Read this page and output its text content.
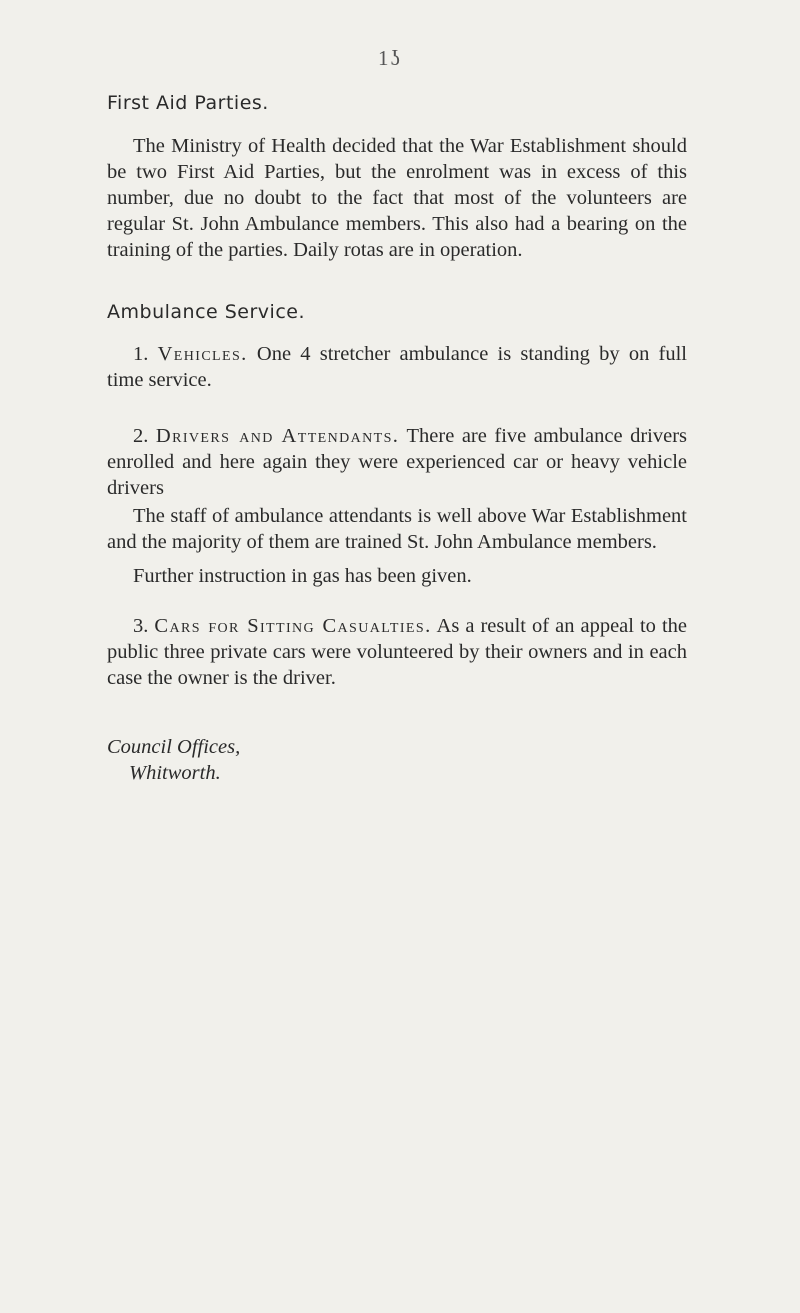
1ʖ
First Aid Parties.

The Ministry of Health decided that the War Establishment should be two First Aid Parties, but the enrolment was in excess of this number, due no doubt to the fact that most of the volunteers are regular St. John Ambulance members. This also had a bearing on the training of the parties. Daily rotas are in operation.

Ambulance Service.

1. Vehicles. One 4 stretcher ambulance is standing by on full time service.

2. Drivers and Attendants. There are five ambulance drivers enrolled and here again they were experienced car or heavy vehicle drivers

The staff of ambulance attendants is well above War Establishment and the majority of them are trained St. John Ambulance members.

Further instruction in gas has been given.

3. Cars for Sitting Casualties. As a result of an appeal to the public three private cars were volunteered by their owners and in each case the owner is the driver.

Council Offices,
Whitworth.
